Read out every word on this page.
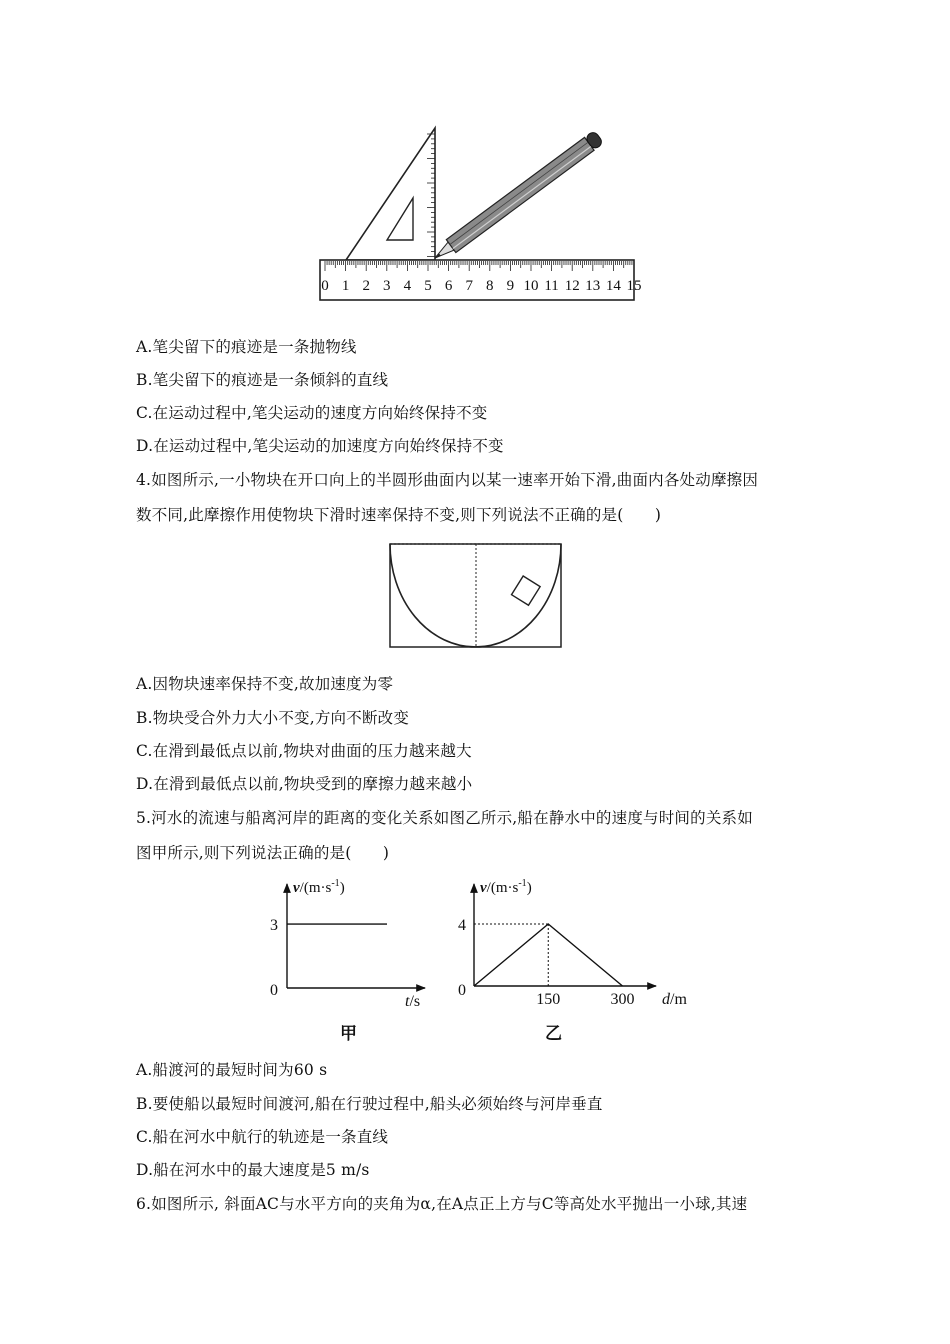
0 1 2 3 4 5 6 7 8 9 10 11 12 13 14 15
A.笔尖留下的痕迹是一条抛物线
B.笔尖留下的痕迹是一条倾斜的直线
C.在运动过程中,笔尖运动的速度方向始终保持不变
D.在运动过程中,笔尖运动的加速度方向始终保持不变
4.如图所示,一小物块在开口向上的半圆形曲面内以某一速率开始下滑,曲面内各处动摩擦因
数不同,此摩擦作用使物块下滑时速率保持不变,则下列说法不正确的是(　　)
A.因物块速率保持不变,故加速度为零
B.物块受合外力大小不变,方向不断改变
C.在滑到最低点以前,物块对曲面的压力越来越大
D.在滑到最低点以前,物块受到的摩擦力越来越小
5.河水的流速与船离河岸的距离的变化关系如图乙所示,船在静水中的速度与时间的关系如
图甲所示,则下列说法正确的是(　　)
$v/(m\cdot s^{-1})$
t/s
0
3
甲
$v/(m\cdot s^{-1})$
d/m
0
150	300
4
乙
A.船渡河的最短时间为60 s
B.要使船以最短时间渡河,船在行驶过程中,船头必须始终与河岸垂直
C.船在河水中航行的轨迹是一条直线
D.船在河水中的最大速度是5 m/s
6.如图所示, 斜面AC与水平方向的夹角为α,在A点正上方与C等高处水平抛出一小球,其速
